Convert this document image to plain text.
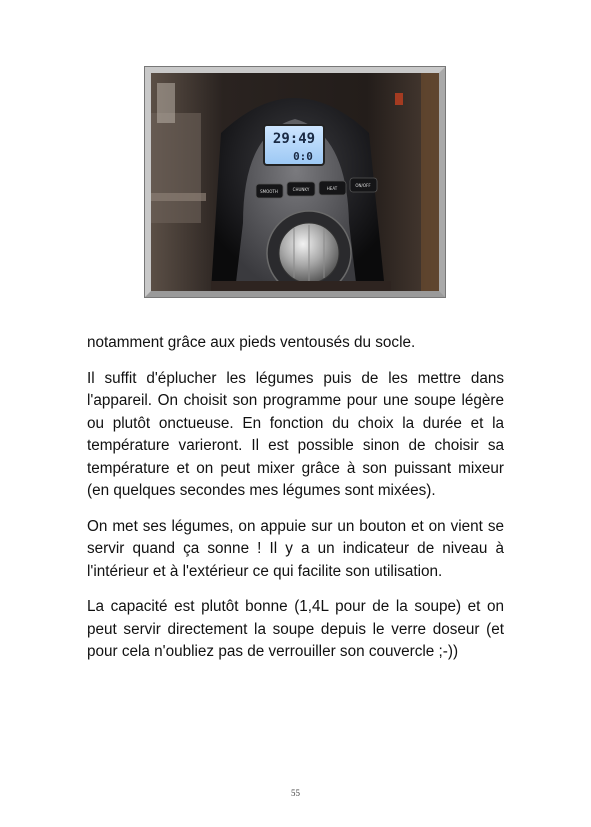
29:49
0:0
SMOOTH	CHUNKY	HEAT
ON/OFF

notamment grâce aux pieds ventousés du socle.

Il suffit d'éplucher les légumes puis de les mettre dans l'appareil. On choisit son programme pour une soupe légère ou plutôt onctueuse. En fonction du choix la durée et la température varieront. Il est possible sinon de choisir sa température et on peut mixer grâce à son puissant mixeur (en quelques secondes mes légumes sont mixées).

On met ses légumes, on appuie sur un bouton et on vient se servir quand ça sonne ! Il y a un indicateur de niveau à l'intérieur et à l'extérieur ce qui facilite son utilisation.

La capacité est plutôt bonne (1,4L pour de la soupe) et on peut servir directement la soupe depuis le verre doseur (et pour cela n'oubliez pas de verrouiller son couvercle ;-))

55
